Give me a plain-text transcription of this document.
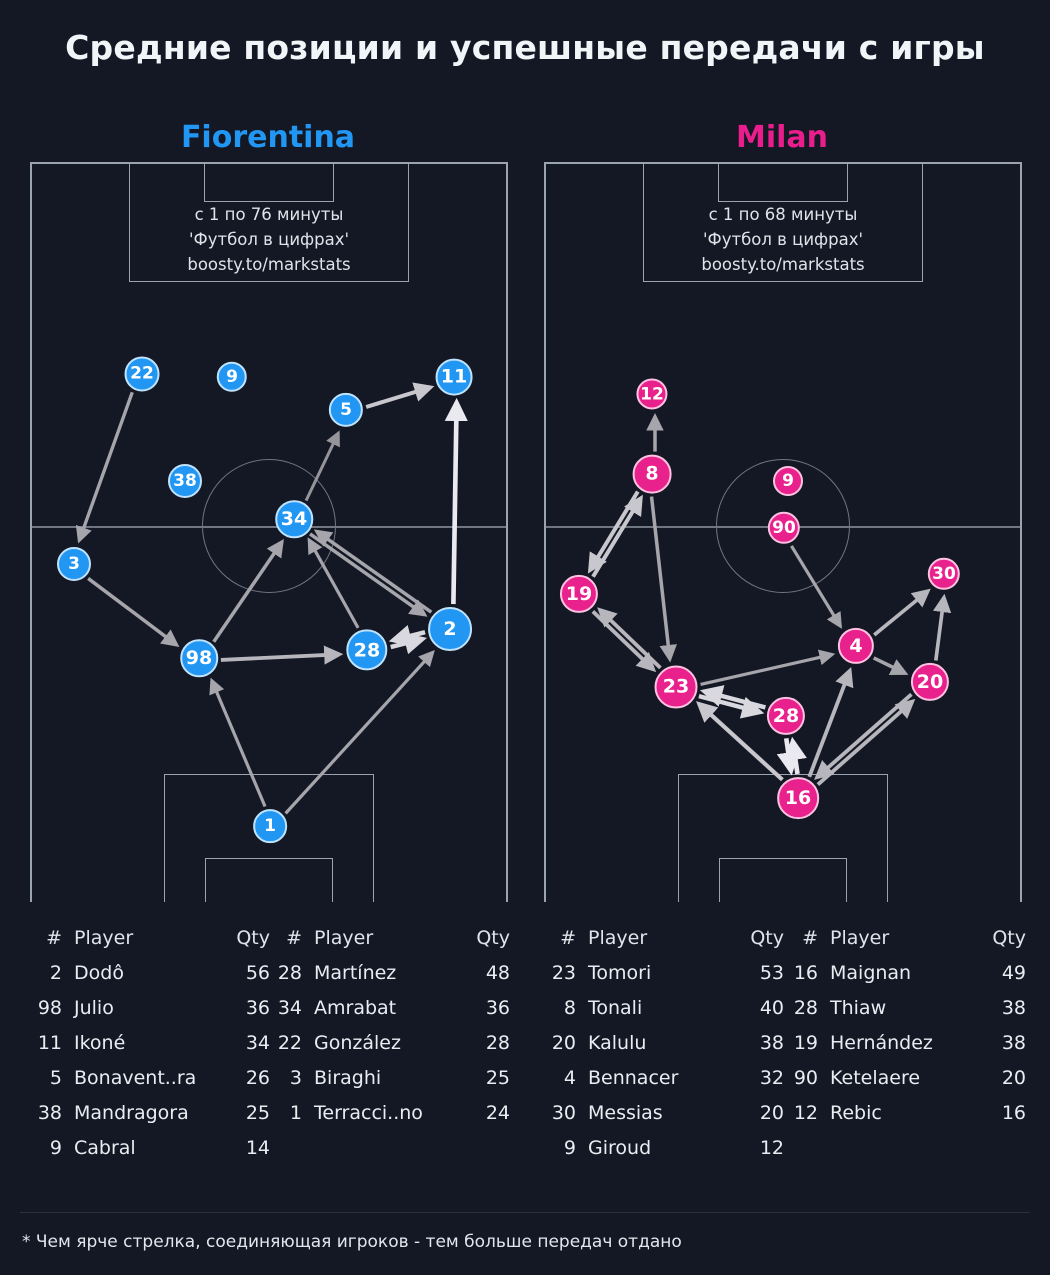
Средние позиции и успешные передачи с игры
Fiorentina	Milan
с 1 по 76 минуты
'Футбол в цифрах'
boosty.to/markstats
22	9	11
5
38
34
3
2
98	28
1
с 1 по 68 минуты
'Футбол в цифрах'
boosty.to/markstats
12
8	9
90
19
30
4
20
23
28
16
# Player	Qty
2 Dodô	56
98 Julio	36
11 Ikoné	34
5 Bonavent..ra	26
38 Mandragora	25
9 Cabral	14
# Player	Qty
28 Martínez	48
34 Amrabat	36
22 González	28
3 Biraghi	25
1 Terracci..no	24
# Player	Qty
23 Tomori	53
8 Tonali	40
20 Kalulu	38
4 Bennacer	32
30 Messias	20
9 Giroud	12
# Player	Qty
16 Maignan	49
28 Thiaw	38
19 Hernández	38
90 Ketelaere	20
12 Rebic	16
* Чем ярче стрелка, соединяющая игроков - тем больше передач отдано
